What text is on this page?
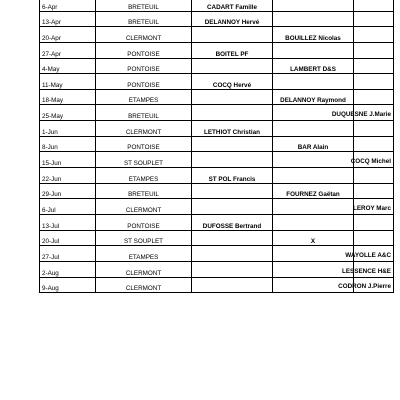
6-Apr	BRETEUIL	CADART Famille		

13-Apr	BRETEUIL	DELANNOY Hervé		

20-Apr	CLERMONT		BOUILLEZ Nicolas	

27-Apr	PONTOISE	BOITEL PF		

4-May	PONTOISE		LAMBERT D&S	

11-May	PONTOISE	COCQ Hervé		

18-May	ETAMPES		DELANNOY Raymond	

25-May	BRETEUIL			DUQUESNE J.Marie

1-Jun	CLERMONT	LETHIOT Christian		

8-Jun	PONTOISE		BAR Alain	

15-Jun	ST SOUPLET			COCQ Michel

22-Jun	ETAMPES	ST POL Francis		

29-Jun	BRETEUIL		FOURNEZ Gaëtan	

6-Jul	CLERMONT			LEROY Marc

13-Jul	PONTOISE	DUFOSSE Bertrand		

20-Jul	ST SOUPLET		X	

27-Jul	ETAMPES			WAYOLLE A&C

2-Aug	CLERMONT			LESSENCE H&E

9-Aug	CLERMONT			CODRON J.Pierre
